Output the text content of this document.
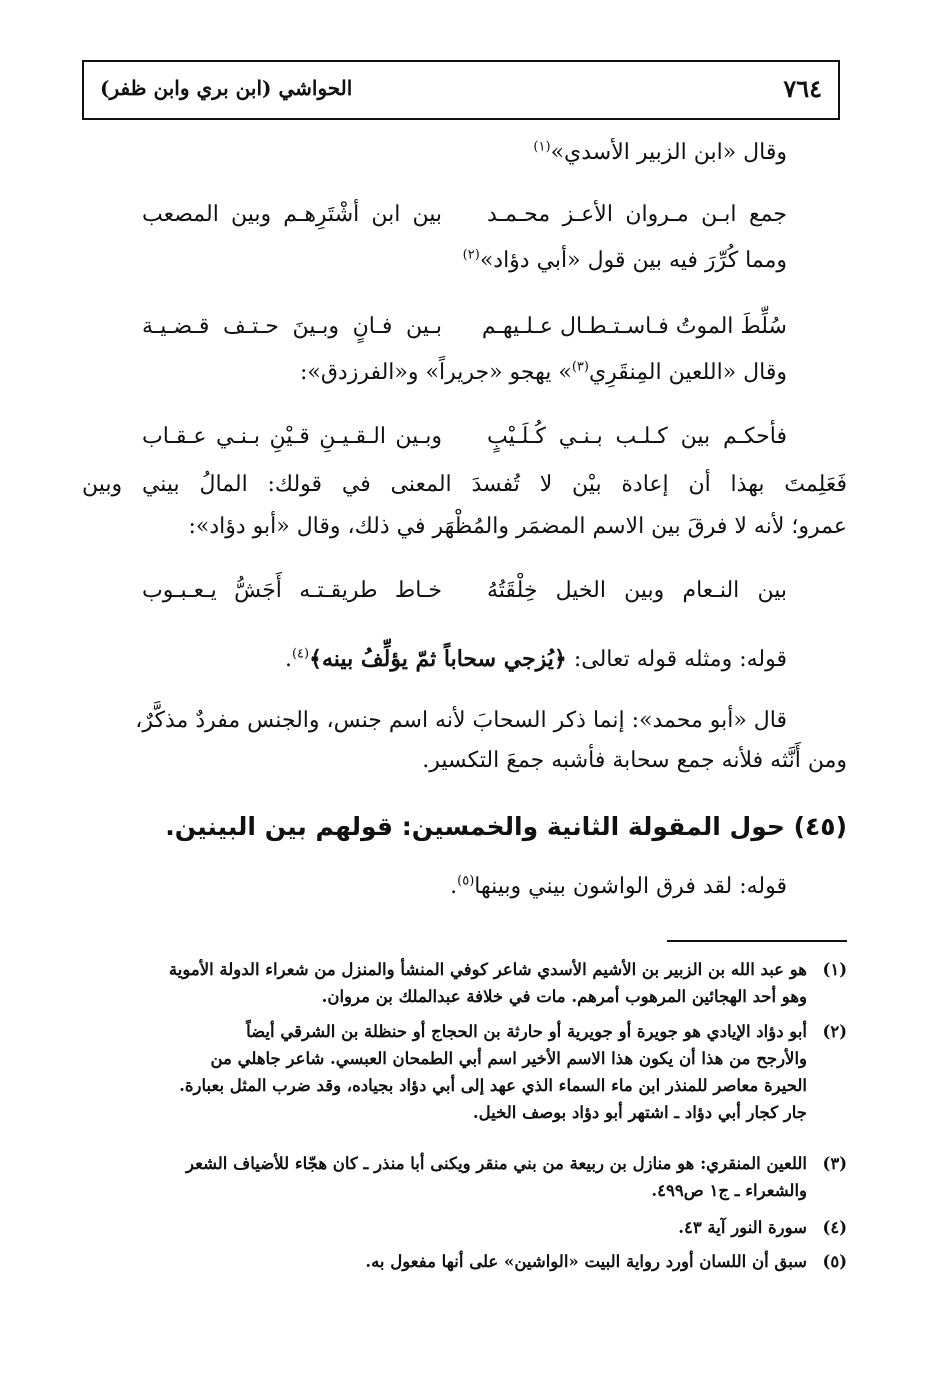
٧٦٤
الحواشي (ابن بري وابن ظفر)
وقال «ابن الزبير الأسدي»$^{(١)}$
جمع ابـن مـروان الأعـز محـمـد
بين ابن أشْتَرِهـم وبين المصعب
ومما كُرِّرَ فيه بين قول «أبي دؤاد»$^{(٢)}$
سُلِّطَ الموتُ فـاسـتـطـال عـلـيهـم
بـين فـانٍ وبـينَ حـتـف قـضـيـة
وقال «اللعين المِنقَرِي$^{(٣)}$» يهجو «جريراً» و«الفرزدق»:
فأحكـم بين كـلـب بـنـي كُـلَـيْبٍ
وبـين الـقـيـنِ قـيْنِ بـنـي عـقـاب
فَعَلِمتَ بهذا أن إعادة بيْن لا تُفسدَ المعنى في قولك: المالُ بيني وبين
عمرو؛ لأنه لا فرقَ بين الاسم المضمَر والمُظْهَر في ذلك، وقال «أبو دؤاد»:
بين النـعام وبين الخيل خِلْقَتُهُ
خـاط طريقـتـه أَجَشُّ يـعـبـوب
قوله: ومثله قوله تعالى: ﴿يُزجي سحاباً ثمّ يؤلِّفُ بينه﴾$^{(٤)}$.
قال «أبو محمد»: إنما ذكر السحابَ لأنه اسم جنس، والجنس مفردٌ مذكَّرٌ،
ومن أَنَّثه فلأنه جمع سحابة فأشبه جمعَ التكسير.
(٤٥) حول المقولة الثانية والخمسين: قولهم بين البينين.
قوله: لقد فرق الواشون بيني وبينها$^{(٥)}$.
(١)
هو عبد الله بن الزبير بن الأشيم الأسدي شاعر كوفي المنشأ والمنزل من شعراء الدولة الأموية
وهو أحد الهجائين المرهوب أمرهم. مات في خلافة عبدالملك بن مروان.
(٢)
أبو دؤاد الإيادي هو جويرة أو جويرية أو حارثة بن الحجاج أو حنظلة بن الشرقي أيضاً
والأرجح من هذا أن يكون هذا الاسم الأخير اسم أبي الطمحان العبسي. شاعر جاهلي من
الحيرة معاصر للمنذر ابن ماء السماء الذي عهد إلى أبي دؤاد بجياده، وقد ضرب المثل بعبارة.
جار كجار أبي دؤاد ـ اشتهر أبو دؤاد بوصف الخيل.
(٣)
اللعين المنقري: هو منازل بن ربيعة من بني منقر ويكنى أبا منذر ـ كان هجّاء للأضياف الشعر
والشعراء ـ ج١ ص٤٩٩.
(٤)
سورة النور آية ٤٣.
(٥)
سبق أن اللسان أورد رواية البيت «الواشين» على أنها مفعول به.
